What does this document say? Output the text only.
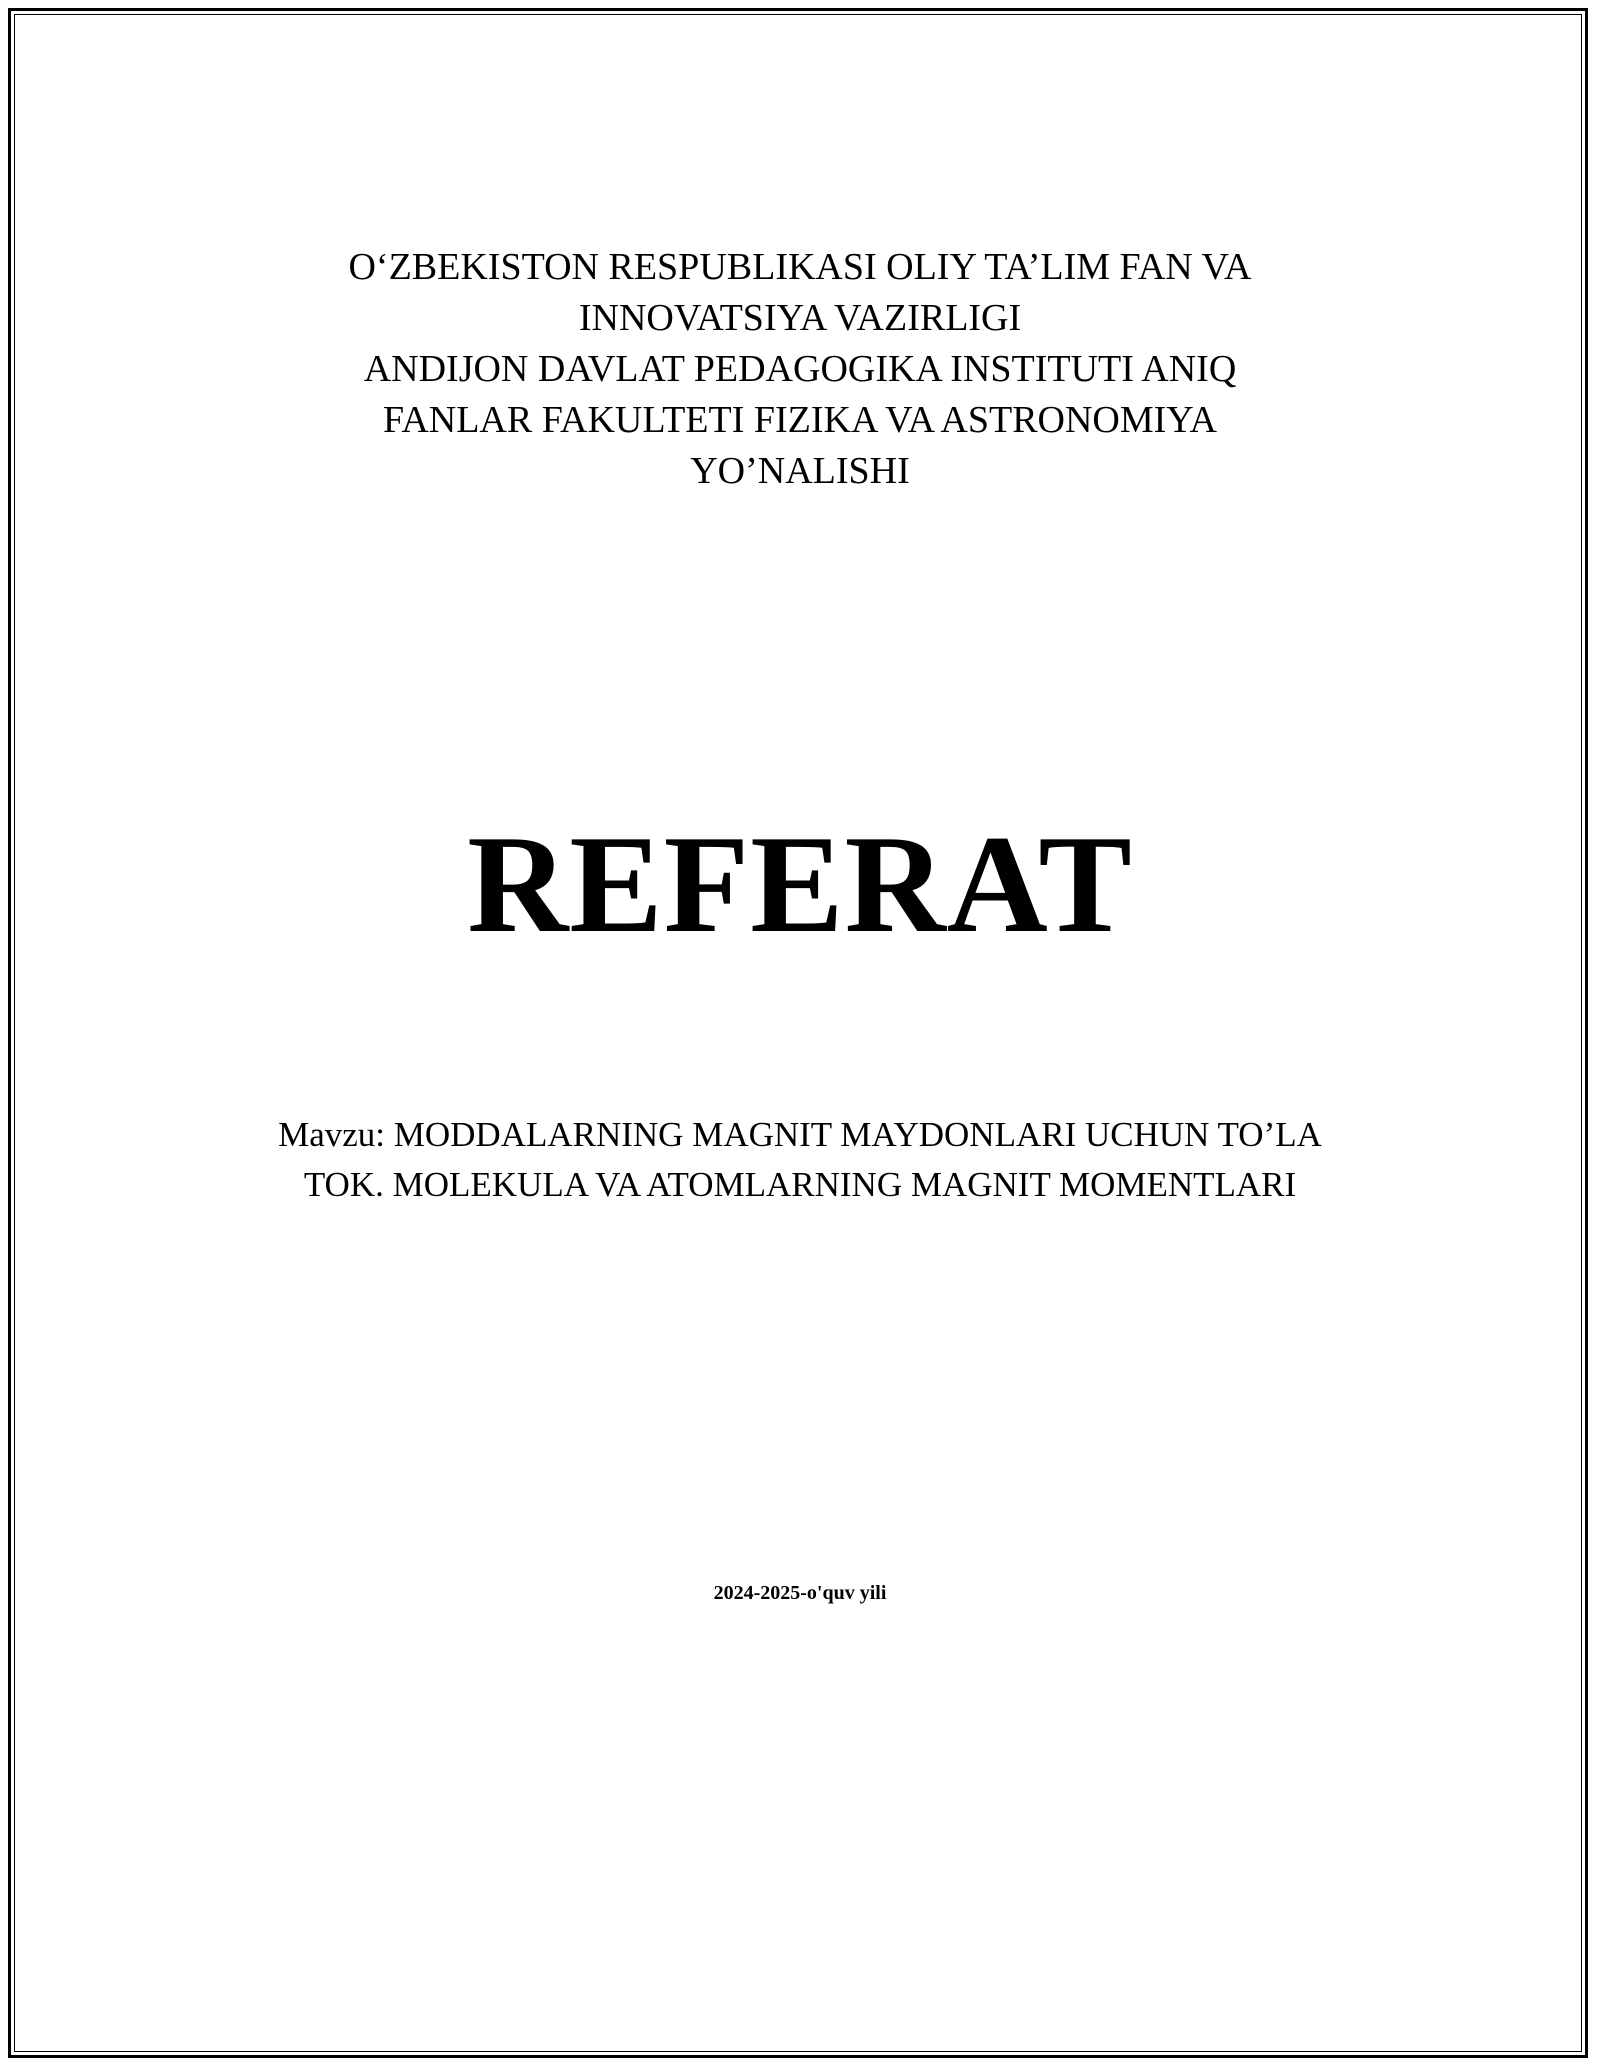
O‘ZBEKISTON RESPUBLIKASI OLIY TA’LIM FAN VA
INNOVATSIYA VAZIRLIGI
ANDIJON DAVLAT PEDAGOGIKA INSTITUTI ANIQ
FANLAR FAKULTETI FIZIKA VA ASTRONOMIYA
YO’NALISHI
REFERAT
Mavzu: MODDALARNING MAGNIT MAYDONLARI UCHUN TO’LA
TOK. MOLEKULA VA ATOMLARNING MAGNIT MOMENTLARI
2024-2025-o'quv yili
